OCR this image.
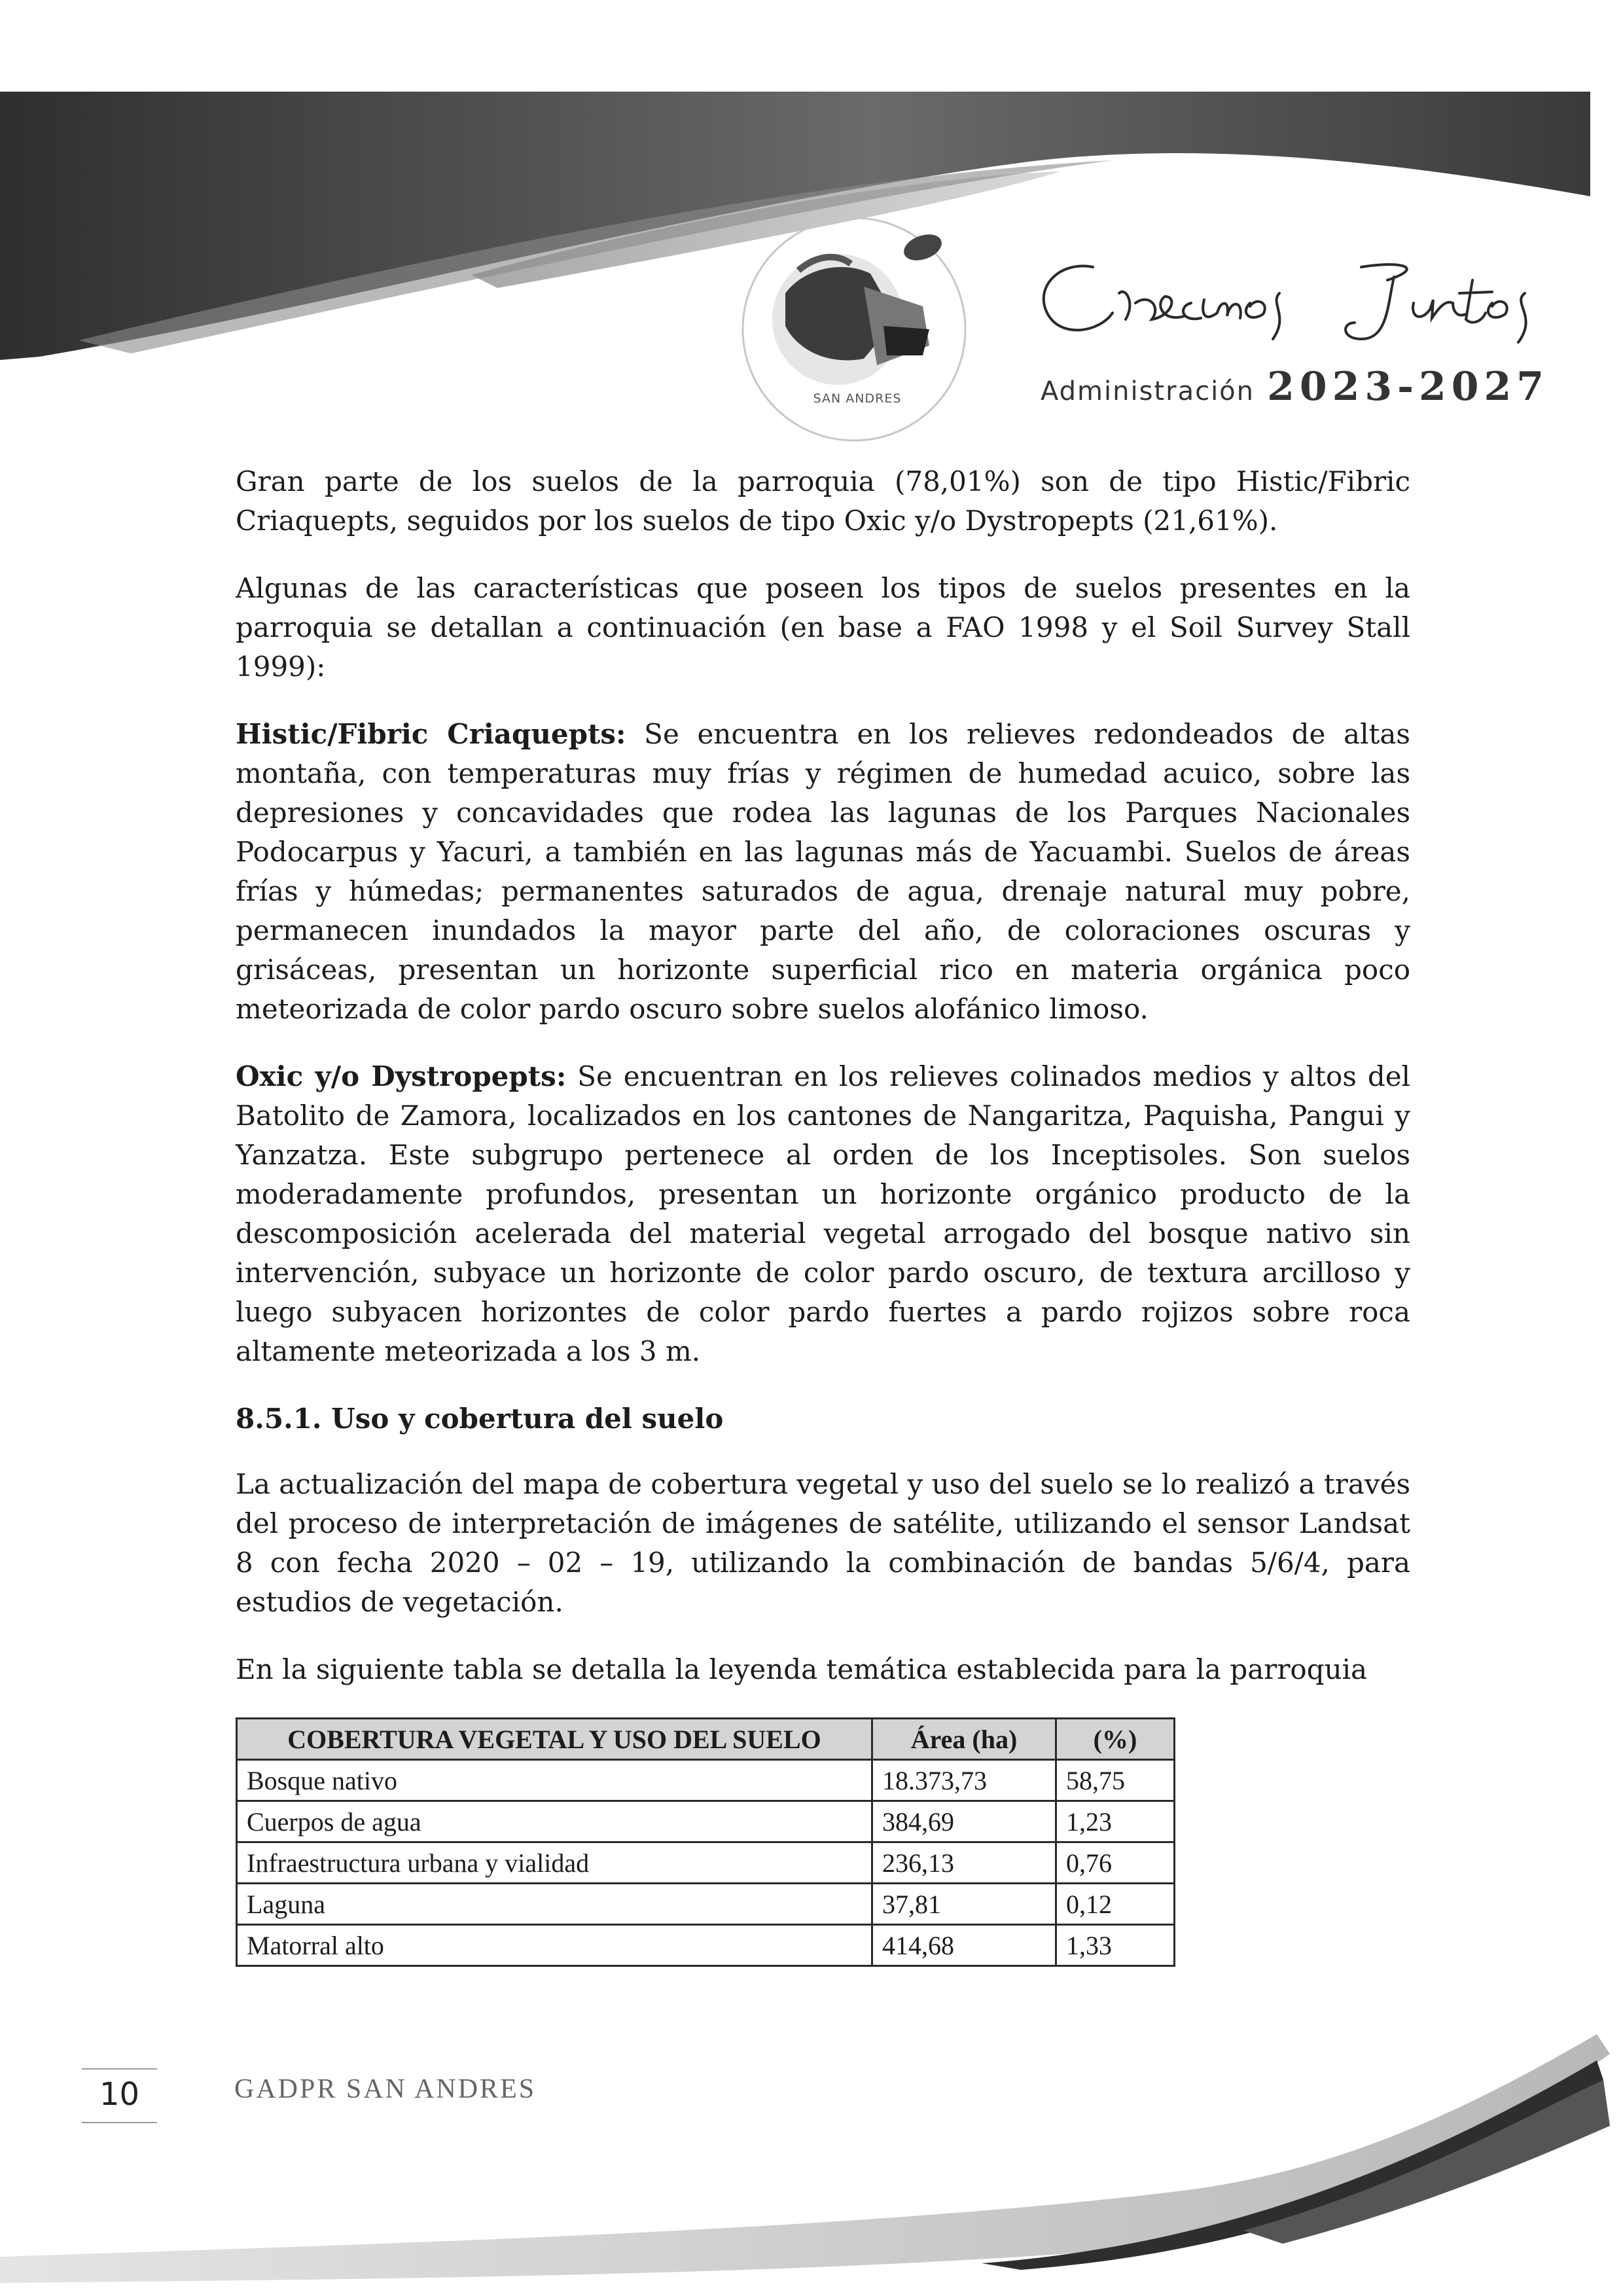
SAN ANDRES	Administración 2023-2027

Gran parte de los suelos de la parroquia (78,01%) son de tipo Histic/Fibric Criaquepts, seguidos por los suelos de tipo Oxic y/o Dystropepts (21,61%).

Algunas de las características que poseen los tipos de suelos presentes en la parroquia se detallan a continuación (en base a FAO 1998 y el Soil Survey Stall 1999):

Histic/Fibric Criaquepts: Se encuentra en los relieves redondeados de altas montaña, con temperaturas muy frías y régimen de humedad acuico, sobre las depresiones y concavidades que rodea las lagunas de los Parques Nacionales Podocarpus y Yacuri, a también en las lagunas más de Yacuambi. Suelos de áreas frías y húmedas; permanentes saturados de agua, drenaje natural muy pobre, permanecen inundados la mayor parte del año, de coloraciones oscuras y grisáceas, presentan un horizonte superficial rico en materia orgánica poco meteorizada de color pardo oscuro sobre suelos alofánico limoso.

Oxic y/o Dystropepts: Se encuentran en los relieves colinados medios y altos del Batolito de Zamora, localizados en los cantones de Nangaritza, Paquisha, Pangui y Yanzatza. Este subgrupo pertenece al orden de los Inceptisoles. Son suelos moderadamente profundos, presentan un horizonte orgánico producto de la descomposición acelerada del material vegetal arrogado del bosque nativo sin intervención, subyace un horizonte de color pardo oscuro, de textura arcilloso y luego subyacen horizontes de color pardo fuertes a pardo rojizos sobre roca altamente meteorizada a los 3 m.

8.5.1. Uso y cobertura del suelo

La actualización del mapa de cobertura vegetal y uso del suelo se lo realizó a través del proceso de interpretación de imágenes de satélite, utilizando el sensor Landsat 8 con fecha 2020 – 02 – 19, utilizando la combinación de bandas 5/6/4, para estudios de vegetación.

En la siguiente tabla se detalla la leyenda temática establecida para la parroquia

COBERTURA VEGETAL Y USO DEL SUELO	Área (ha)	(%)
Bosque nativo	18.373,73	58,75
Cuerpos de agua	384,69	1,23
Infraestructura urbana y vialidad	236,13	0,76
Laguna	37,81	0,12
Matorral alto	414,68	1,33
10	GADPR SAN ANDRES
